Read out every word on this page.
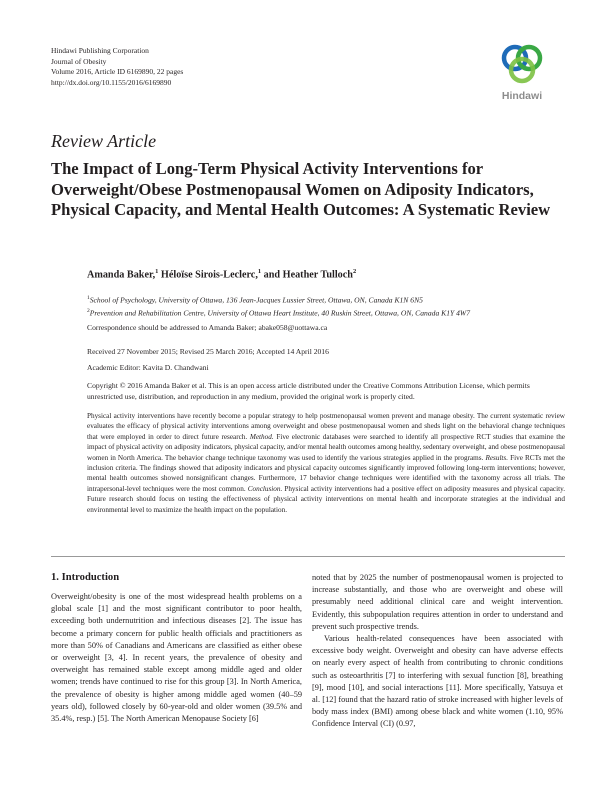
Hindawi Publishing Corporation
Journal of Obesity
Volume 2016, Article ID 6169890, 22 pages
http://dx.doi.org/10.1155/2016/6169890
Hindawi
Review Article
The Impact of Long-Term Physical Activity Interventions for Overweight/Obese Postmenopausal Women on Adiposity Indicators, Physical Capacity, and Mental Health Outcomes: A Systematic Review
Amanda Baker,$^1$ Héloïse Sirois-Leclerc,$^1$ and Heather Tulloch$^2$
$^1$School of Psychology, University of Ottawa, 136 Jean-Jacques Lussier Street, Ottawa, ON, Canada K1N 6N5
$^2$Prevention and Rehabilitation Centre, University of Ottawa Heart Institute, 40 Ruskin Street, Ottawa, ON, Canada K1Y 4W7
Correspondence should be addressed to Amanda Baker; abake058@uottawa.ca
Received 27 November 2015; Revised 25 March 2016; Accepted 14 April 2016
Academic Editor: Kavita D. Chandwani
Copyright © 2016 Amanda Baker et al. This is an open access article distributed under the Creative Commons Attribution License, which permits unrestricted use, distribution, and reproduction in any medium, provided the original work is properly cited.
Physical activity interventions have recently become a popular strategy to help postmenopausal women prevent and manage obesity. The current systematic review evaluates the efficacy of physical activity interventions among overweight and obese postmenopausal women and sheds light on the behavioral change techniques that were employed in order to direct future research. Method. Five electronic databases were searched to identify all prospective RCT studies that examine the impact of physical activity on adiposity indicators, physical capacity, and/or mental health outcomes among healthy, sedentary overweight, and obese postmenopausal women in North America. The behavior change technique taxonomy was used to identify the various strategies applied in the programs. Results. Five RCTs met the inclusion criteria. The findings showed that adiposity indicators and physical capacity outcomes significantly improved following long-term interventions; however, mental health outcomes showed nonsignificant changes. Furthermore, 17 behavior change techniques were identified with the taxonomy across all trials. The intrapersonal-level techniques were the most common. Conclusion. Physical activity interventions had a positive effect on adiposity measures and physical capacity. Future research should focus on testing the effectiveness of physical activity interventions on mental health and incorporate strategies at the individual and environmental level to maximize the health impact on the population.
1. Introduction

Overweight/obesity is one of the most widespread health problems on a global scale [1] and the most significant contributor to poor health, exceeding both undernutrition and infectious diseases [2]. The issue has become a primary concern for public health officials and practitioners as more than 50% of Canadians and Americans are classified as either obese or overweight [3, 4]. In recent years, the prevalence of obesity and overweight has remained stable except among middle aged and older women; trends have continued to rise for this group [3]. In North America, the prevalence of obesity is higher among middle aged women (40–59 years old), followed closely by 60-year-old and older women (39.5% and 35.4%, resp.) [5]. The North American Menopause Society [6]

noted that by 2025 the number of postmenopausal women is projected to increase substantially, and those who are overweight and obese will presumably need additional clinical care and weight intervention. Evidently, this subpopulation requires attention in order to understand and prevent such prospective trends.

Various health-related consequences have been associated with excessive body weight. Overweight and obesity can have adverse effects on nearly every aspect of health from contributing to chronic conditions such as osteoarthritis [7] to interfering with sexual function [8], breathing [9], mood [10], and social interactions [11]. More specifically, Yatsuya et al. [12] found that the hazard ratio of stroke increased with higher levels of body mass index (BMI) among obese black and white women (1.10, 95% Confidence Interval (CI) (0.97,
